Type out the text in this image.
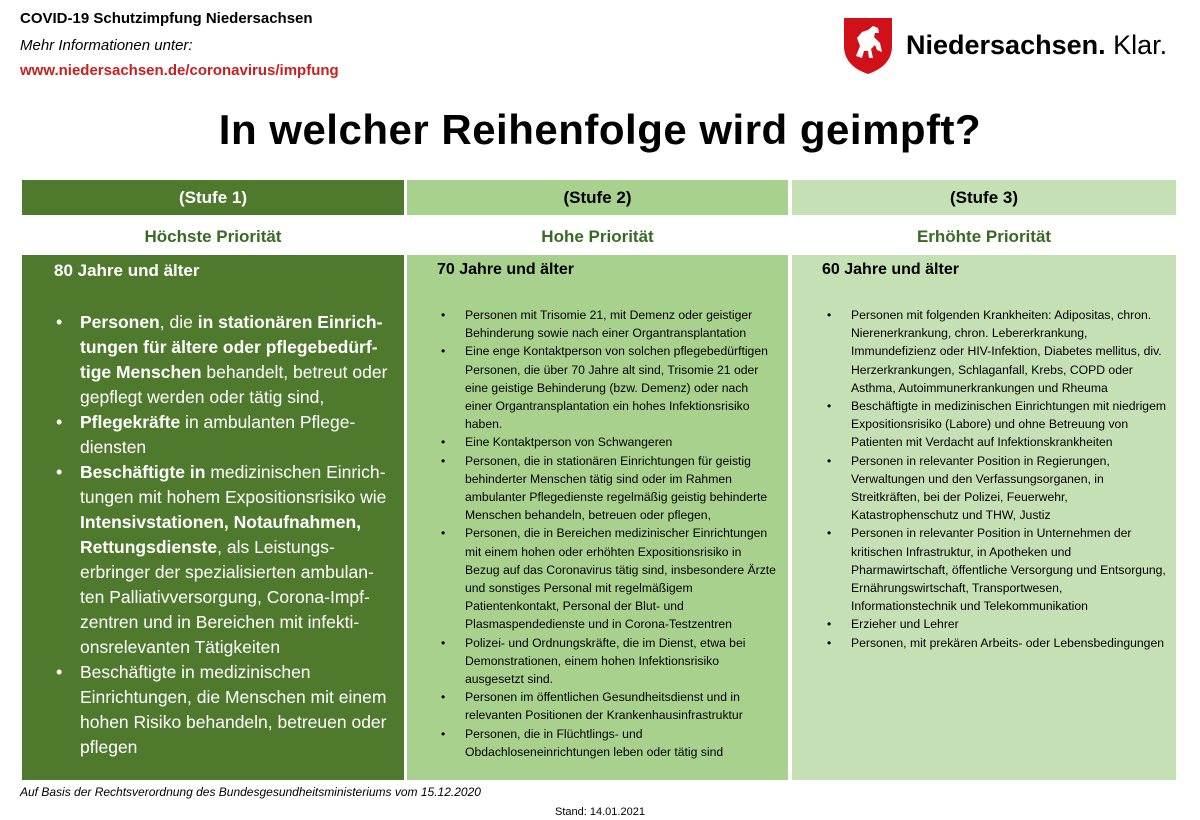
COVID-19 Schutzimpfung Niedersachsen
Mehr Informationen unter:
www.niedersachsen.de/coronavirus/impfung
Niedersachsen. Klar.
In welcher Reihenfolge wird geimpft?
(Stufe 1)	(Stufe 2)	(Stufe 3)
Höchste Priorität	Hohe Priorität	Erhöhte Priorität
80 Jahre und älter
• Personen, die in stationären Einrichtungen für ältere oder pflegebedürftige Menschen behandelt, betreut oder gepflegt werden oder tätig sind,
• Pflegekräfte in ambulanten Pflegediensten
• Beschäftigte in medizinischen Einrichtungen mit hohem Expositionsrisiko wie Intensivstationen, Notaufnahmen, Rettungsdienste, als Leistungserbringer der spezialisierten ambulanten Palliativversorgung, Corona-Impfzentren und in Bereichen mit infektionsrelevanten Tätigkeiten
• Beschäftigte in medizinischen Einrichtungen, die Menschen mit einem hohen Risiko behandeln, betreuen oder pflegen
70 Jahre und älter
• Personen mit Trisomie 21, mit Demenz oder geistiger Behinderung sowie nach einer Organtransplantation
• Eine enge Kontaktperson von solchen pflegebedürftigen Personen, die über 70 Jahre alt sind, Trisomie 21 oder eine geistige Behinderung (bzw. Demenz) oder nach einer Organtransplantation ein hohes Infektionsrisiko haben.
• Eine Kontaktperson von Schwangeren
• Personen, die in stationären Einrichtungen für geistig behinderter Menschen tätig sind oder im Rahmen ambulanter Pflegedienste regelmäßig geistig behinderte Menschen behandeln, betreuen oder pflegen,
• Personen, die in Bereichen medizinischer Einrichtungen mit einem hohen oder erhöhten Expositionsrisiko in Bezug auf das Coronavirus tätig sind, insbesondere Ärzte und sonstiges Personal mit regelmäßigem Patientenkontakt, Personal der Blut- und Plasmaspendedienste und in Corona-Testzentren
• Polizei- und Ordnungskräfte, die im Dienst, etwa bei Demonstrationen, einem hohen Infektionsrisiko ausgesetzt sind.
• Personen im öffentlichen Gesundheitsdienst und in relevanten Positionen der Krankenhausinfrastruktur
• Personen, die in Flüchtlings- und Obdachloseneinrichtungen leben oder tätig sind
60 Jahre und älter
• Personen mit folgenden Krankheiten: Adipositas, chron. Nierenerkrankung, chron. Lebererkrankung, Immundefizienz oder HIV-Infektion, Diabetes mellitus, div. Herzerkrankungen, Schlaganfall, Krebs, COPD oder Asthma, Autoimmunerkrankungen und Rheuma
• Beschäftigte in medizinischen Einrichtungen mit niedrigem Expositionsrisiko (Labore) und ohne Betreuung von Patienten mit Verdacht auf Infektionskrankheiten
• Personen in relevanter Position in Regierungen, Verwaltungen und den Verfassungsorganen, in Streitkräften, bei der Polizei, Feuerwehr, Katastrophenschutz und THW, Justiz
• Personen in relevanter Position in Unternehmen der kritischen Infrastruktur, in Apotheken und Pharmawirtschaft, öffentliche Versorgung und Entsorgung, Ernährungswirtschaft, Transportwesen, Informationstechnik und Telekommunikation
• Erzieher und Lehrer
• Personen, mit prekären Arbeits- oder Lebensbedingungen
Auf Basis der Rechtsverordnung des Bundesgesundheitsministeriums vom 15.12.2020
Stand: 14.01.2021
